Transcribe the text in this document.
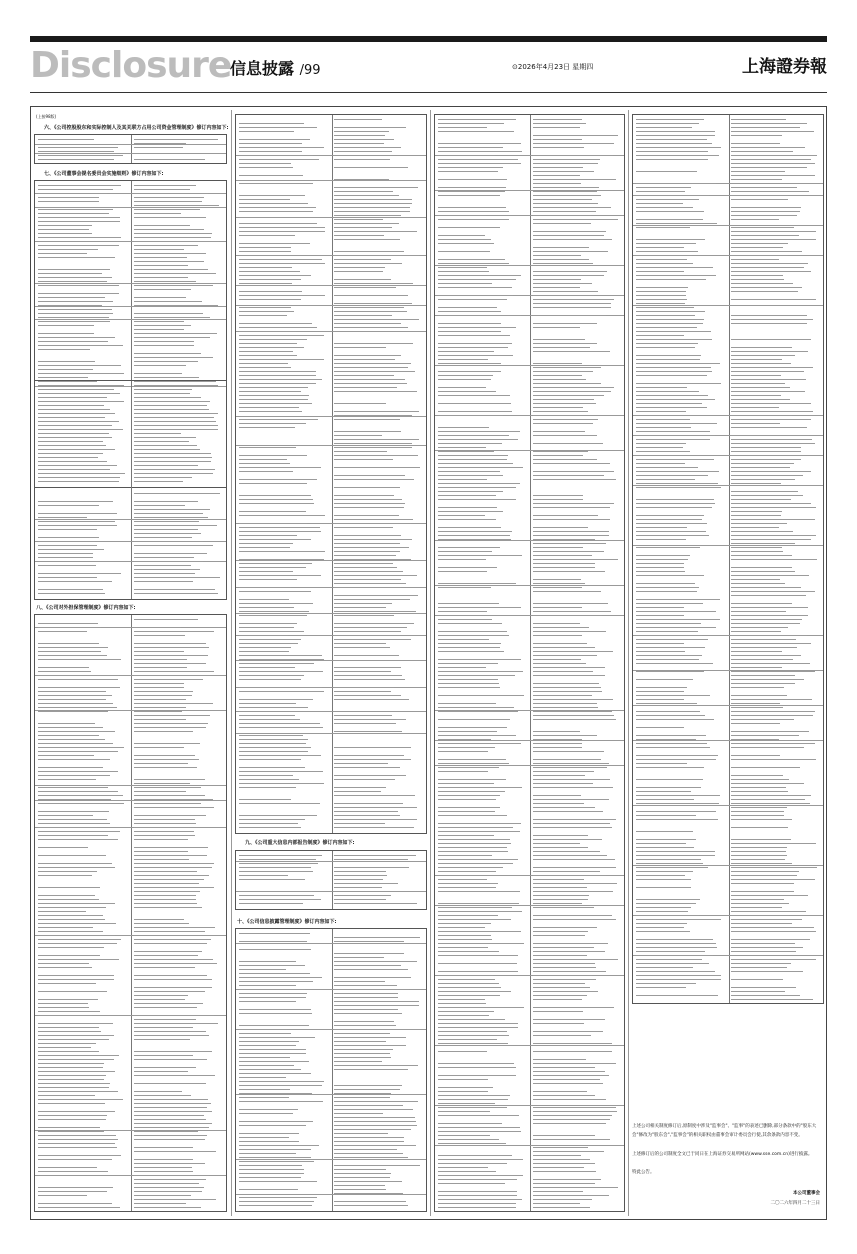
Disclosure
信息披露 /99	⊙2026年4月23日 星期四	上海證券報
(上接98版)
六、《公司控股股东和实际控制人及其关联方占用公司资金管理制度》修订内容如下:
七、《公司董事会提名委员会实施细则》修订内容如下:
八、《公司对外担保管理制度》修订内容如下:
九、《公司重大信息内部报告制度》修订内容如下:
十、《公司信息披露管理制度》修订内容如下:
上述公司相关制度修订后,原制度中涉及"监事会"、"监事"的表述已删除,部分条款中的"股东大会"修改为"股东会","监事会"的相关职权由董事会审计委员会行使,其余条款内容不变。
上述修订后的公司制度全文已于同日在上海证券交易所网站(www.sse.com.cn)进行披露。
特此公告。
本公司董事会
二〇二六年四月二十三日
